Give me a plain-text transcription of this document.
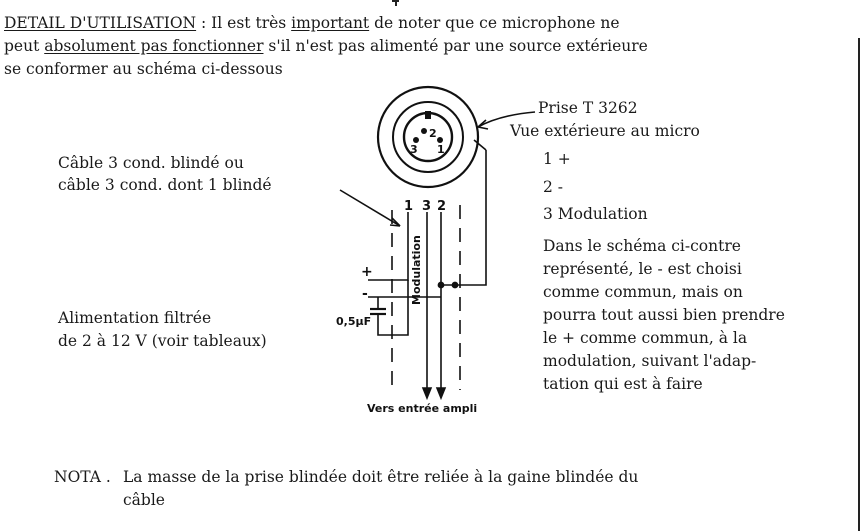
DETAIL D'UTILISATION : Il est très important de noter que ce microphone ne
peut absolument pas fonctionner s'il n'est pas alimenté par une source extérieure
se conformer au schéma ci-dessous
Prise T 3262
Vue extérieure au micro
1 +
2 -
3 Modulation
Câble 3 cond. blindé ou
câble 3 cond. dont 1 blindé
Alimentation filtrée
de 2 à 12 V (voir tableaux)
Dans le schéma ci-contre
représenté, le - est choisi
comme commun, mais on
pourra tout aussi bien prendre
le + comme commun, à la
modulation, suivant l'adap-
tation qui est à faire
NOTA . La masse de la prise blindée doit être reliée à la gaine blindée du
câble
2
3 1
1 3 2
+
-	Modulation
0,5µF
Vers entrée ampli
